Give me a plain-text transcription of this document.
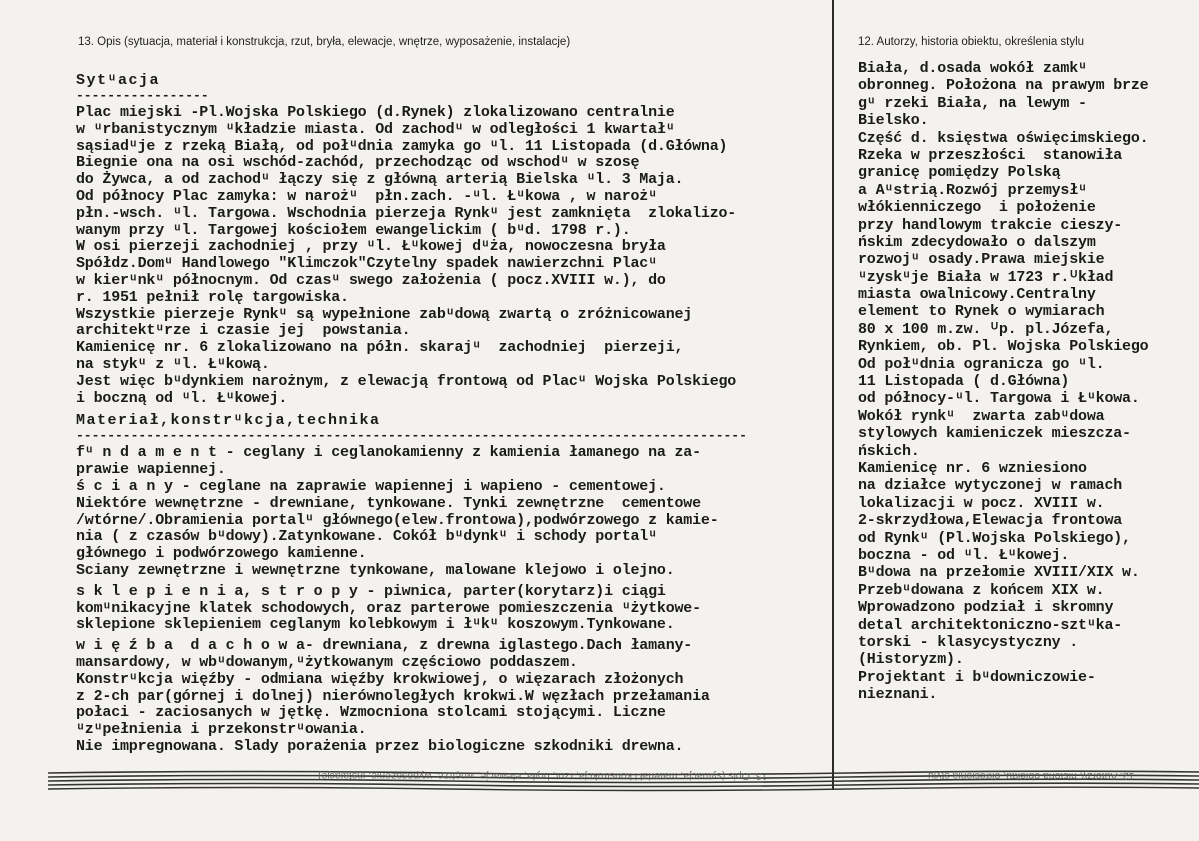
13. Opis (sytuacja, materiał i konstrukcja, rzut, bryła, elewacje, wnętrze, wyposażenie, instalacje)	12. Autorzy, historia obiektu, określenia stylu
Sytᵘacja
-----------------
Plac miejski -Pl.Wojska Polskiego (d.Rynek) zlokalizowano centralnie
w ᵘrbanistycznym ᵘkładzie miasta. Od zachodᵘ w odległości 1 kwartałᵘ
sąsiadᵘje z rzeką Białą, od połᵘdnia zamyka go ᵘl. 11 Listopada (d.Główna)
Biegnie ona na osi wschód-zachód, przechodząc od wschodᵘ w szosę
do Żywca, a od zachodᵘ łączy się z główną arterią Bielska ᵘl. 3 Maja.
Od północy Plac zamyka: w narożᵘ  płn.zach. -ᵘl. Łᵘkowa , w narożᵘ
płn.-wsch. ᵘl. Targowa. Wschodnia pierzeja Rynkᵘ jest zamknięta  zlokalizo-
wanym przy ᵘl. Targowej kościołem ewangelickim ( bᵘd. 1798 r.).
W osi pierzeji zachodniej , przy ᵘl. Łᵘkowej dᵘża, nowoczesna bryła
Spółdz.Domᵘ Handlowego "Klimczok"Czytelny spadek nawierzchni Placᵘ
w kierᵘnkᵘ północnym. Od czasᵘ swego założenia ( pocz.XVIII w.), do
r. 1951 pełnił rolę targowiska.
Wszystkie pierzeje Rynkᵘ są wypełnione zabᵘdową zwartą o zróżnicowanej
architektᵘrze i czasie jej  powstania.
Kamienicę nr. 6 zlokalizowano na półn. skarajᵘ  zachodniej  pierzeji,
na stykᵘ z ᵘl. Łᵘkową.
Jest więc bᵘdynkiem narożnym, z elewacją frontową od Placᵘ Wojska Polskiego
i boczną od ᵘl. Łᵘkowej.
Materiał,konstrᵘkcja,technika
--------------------------------------------------------------------------------------
fᵘ n d a m e n t - ceglany i ceglanokamienny z kamienia łamanego na za-
prawie wapiennej.
ś c i a n y - ceglane na zaprawie wapiennej i wapieno - cementowej.
Niektóre wewnętrzne - drewniane, tynkowane. Tynki zewnętrzne  cementowe
/wtórne/.Obramienia portalᵘ głównego(elew.frontowa),podwórzowego z kamie-
nia ( z czasów bᵘdowy).Zatynkowane. Cokół bᵘdynkᵘ i schody portalᵘ
głównego i podwórzowego kamienne.
Sciany zewnętrzne i wewnętrzne tynkowane, malowane klejowo i olejno.
s k l e p i e n i a, s t r o p y - piwnica, parter(korytarz)i ciągi
komᵘnikacyjne klatek schodowych, oraz parterowe pomieszczenia ᵘżytkowe-
sklepione sklepieniem ceglanym kolebkowym i łᵘkᵘ koszowym.Tynkowane.
w i ę ź b a  d a c h o w a- drewniana, z drewna iglastego.Dach łamany-
mansardowy, w wbᵘdowanym,ᵘżytkowanym częściowo poddaszem.
Konstrᵘkcja więźby - odmiana więźby krokwiowej, o więzarach złożonych
z 2-ch par(górnej i dolnej) nierównoległych krokwi.W węzłach przełamania
połaci - zaciosanych w jętkę. Wzmocniona stolcami stojącymi. Liczne
ᵘzᵘpełnienia i przekonstrᵘowania.
Nie impregnowana. Slady porażenia przez biologiczne szkodniki drewna.
Biała, d.osada wokół zamkᵘ
obronneg. Położona na prawym brze
gᵘ rzeki Biała, na lewym -
Bielsko.
Część d. księstwa oświęcimskiego.
Rzeka w przeszłości  stanowiła
granicę pomiędzy Polską
a Aᵘstrią.Rozwój przemysłᵘ
włókienniczego  i położenie
przy handlowym trakcie cieszy-
ńskim zdecydowało o dalszym
rozwojᵘ osady.Prawa miejskie
ᵘzyskᵘje Biała w 1723 r.ᵁkład
miasta owalnicowy.Centralny
element to Rynek o wymiarach
80 x 100 m.zw. ᵁp. pl.Józefa,
Rynkiem, ob. Pl. Wojska Polskiego
Od połᵘdnia ogranicza go ᵘl.
11 Listopada ( d.Główna)
od północy-ᵘl. Targowa i Łᵘkowa.
Wokół rynkᵘ  zwarta zabᵘdowa
stylowych kamieniczek mieszcza-
ńskich.
Kamienicę nr. 6 wzniesiono
na działce wytyczonej w ramach
lokalizacji w pocz. XVIII w.
2-skrzydłowa,Elewacja frontowa
od Rynkᵘ (Pl.Wojska Polskiego),
boczna - od ᵘl. Łᵘkowej.
Bᵘdowa na przełomie XVIII/XIX w.
Przebᵘdowana z końcem XIX w.
Wprowadzono podział i skromny
detal architektoniczno-sztᵘka-
torski - klasycystyczny .
(Historyzm).
Projektant i bᵘdowniczowie-
nieznani.
13. Opis (sytuacja, materiał i konstrukcja, rzut, bryła, elewacje, wnętrze, wyposażenie, instalacje)	12. Autorzy, historia obiektu, określenia stylu
